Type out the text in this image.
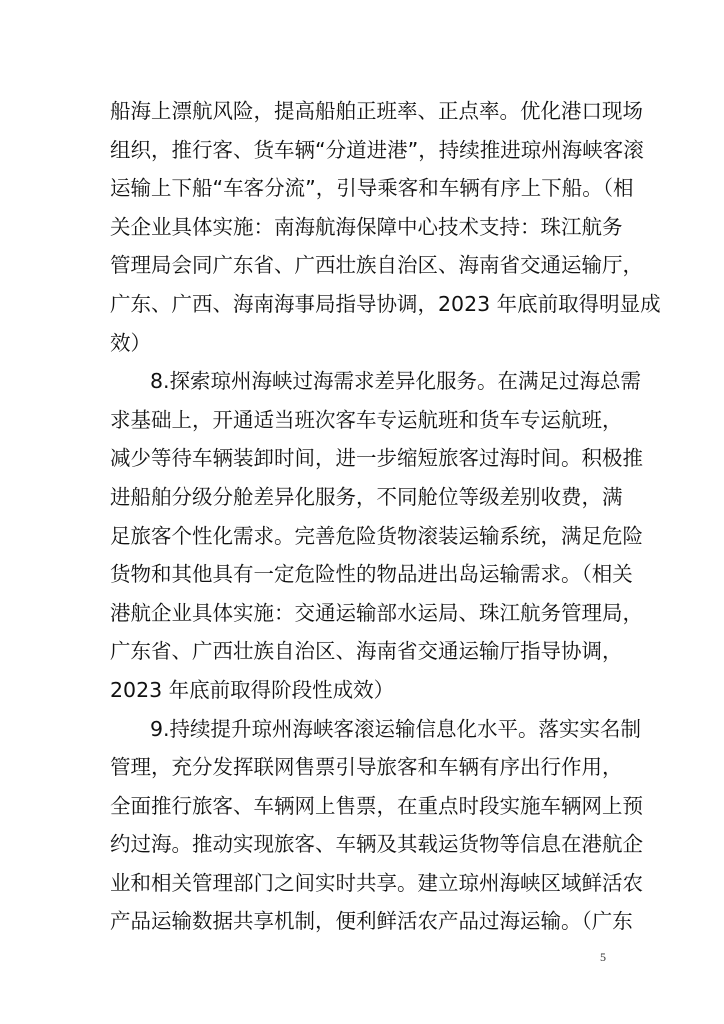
船海上漂航风险，提高船舶正班率、正点率。优化港口现场
组织，推行客、货车辆“分道进港”，持续推进琼州海峡客滚
运输上下船“车客分流”，引导乘客和车辆有序上下船。（相
关企业具体实施：南海航海保障中心技术支持：珠江航务
管理局会同广东省、广西壮族自治区、海南省交通运输厅，
广东、广西、海南海事局指导协调，2023 年底前取得明显成
效）
8.探索琼州海峡过海需求差异化服务。在满足过海总需
求基础上，开通适当班次客车专运航班和货车专运航班，
减少等待车辆装卸时间，进一步缩短旅客过海时间。积极推
进船舶分级分舱差异化服务，不同舱位等级差别收费，满
足旅客个性化需求。完善危险货物滚装运输系统，满足危险
货物和其他具有一定危险性的物品进出岛运输需求。（相关
港航企业具体实施：交通运输部水运局、珠江航务管理局，
广东省、广西壮族自治区、海南省交通运输厅指导协调，
2023 年底前取得阶段性成效）
9.持续提升琼州海峡客滚运输信息化水平。落实实名制
管理，充分发挥联网售票引导旅客和车辆有序出行作用，
全面推行旅客、车辆网上售票，在重点时段实施车辆网上预
约过海。推动实现旅客、车辆及其载运货物等信息在港航企
业和相关管理部门之间实时共享。建立琼州海峡区域鲜活农
产品运输数据共享机制，便利鲜活农产品过海运输。（广东
5
